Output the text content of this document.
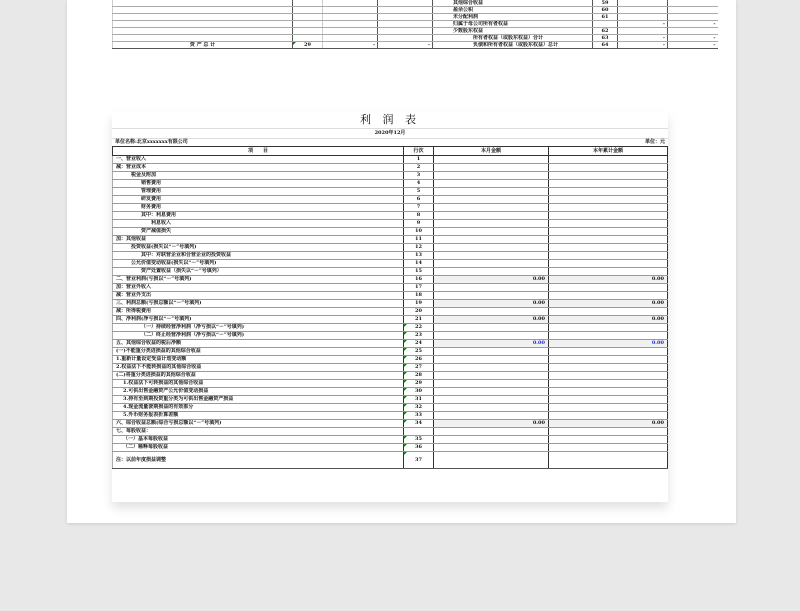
				其他综合收益	59		
				盈余公积	60		
				未分配利润	61		
				归属于母公司所有者权益		-	-
				少数股东权益	62		
				所有者权益（或股东权益）合计	63	-	-
资 产 总 计	29	-	-	负债和所有者权益（或股东权益）总计	64	-	-
利 润 表
2020年12月
单位名称:北京xxxxxxx有限公司	单位：元
项　　目	行次	本月金额	本年累计金额
一、营业收入	1		
减：营业成本	2		
税金及附加	3		
销售费用	4		
管理费用	5		
研发费用	6		
财务费用	7		
其中：利息费用	8		
利息收入	9		
资产减值损失	10		
加：其他收益	11		
投资收益(损失以“－”号填列)	12		
其中：对联营企业和合营企业的投资收益	13		
公允价值变动收益(损失以“－”号填列)	14		
资产处置收益（损失以“－”号填列）	15		
二、营业利润(亏损以“－”号填列)	16	0.00	0.00
加：营业外收入	17		
减：营业外支出	18		
三、利润总额(亏损总额以“－”号填列)	19	0.00	0.00
减：所得税费用	20		
四、净利润(净亏损以“－”号填列)	21	0.00	0.00
（一）持续经营净利润（净亏损以“－”号填列)	22		
（二）终止经营净利润（净亏损以“－”号填列)	23		
五、其他综合收益的税后净额	24	0.00	0.00
(一)不能重分类进损益的其他综合收益	25		
1.重新计量设定受益计划变动额	26		
2.权益法下不能转损益的其他综合收益	27		
(二)将重分类进损益的其他综合收益	28		
1.权益法下可转损益的其他综合收益	29		
2.可供出售金融资产公允价值变动损益	30		
3.持有至到期投资重分类为可供出售金融资产损益	31		
4.现金流量套期损益的有效部分	32		
5.外币财务报表折算差额	33		
六、综合收益总额(综合亏损总额以“－”号填列)	34	0.00	0.00
七、每股收益：			
（一）基本每股收益	35		
（二）稀释每股收益	36		
注：以前年度损益调整	37		
